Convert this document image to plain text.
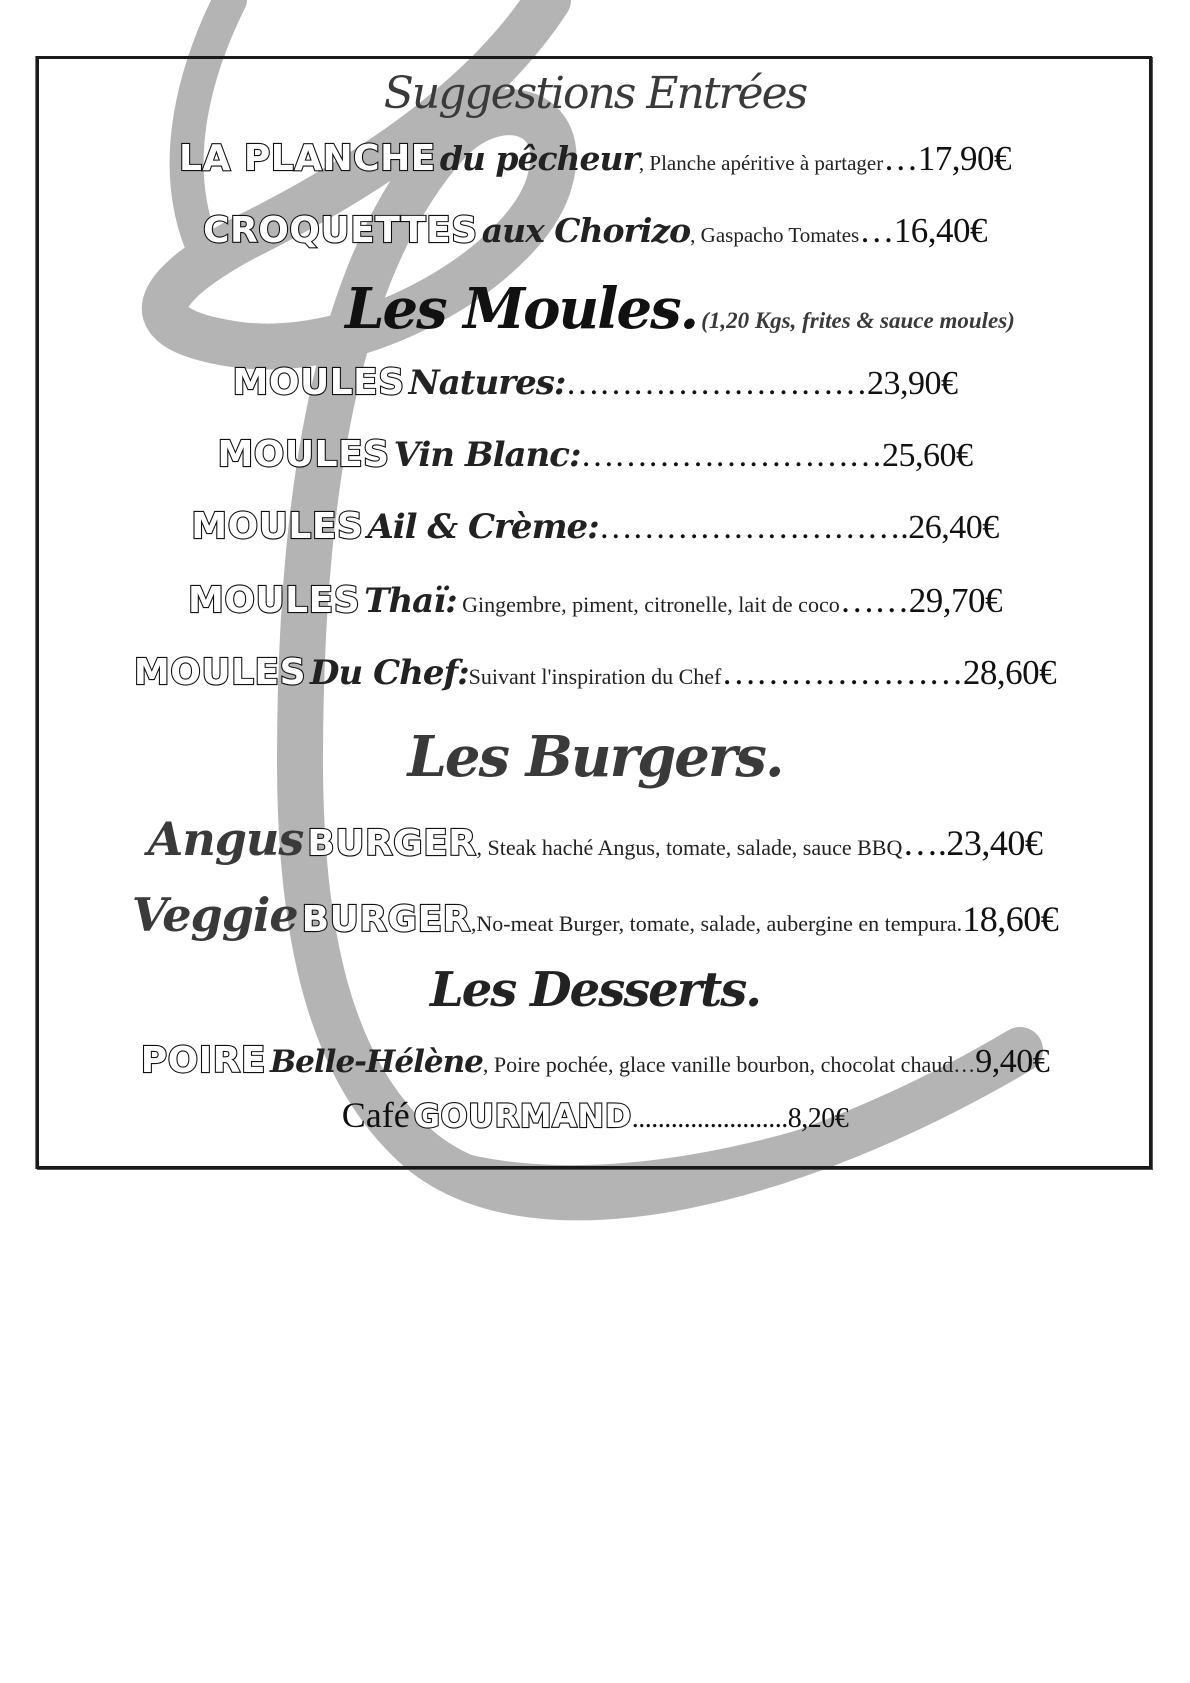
Suggestions Entrées
LA PLANCHE du pêcheur, Planche apéritive à partager…17,90€
CROQUETTES aux Chorizo, Gaspacho Tomates…16,40€
Les Moules. (1,20 Kgs, frites & sauce moules)
MOULES Natures:………………………23,90€
MOULES Vin Blanc:………………………25,60€
MOULES Ail & Crème:……………………….26,40€
MOULES Thaï: Gingembre, piment, citronelle, lait de coco……29,70€
MOULES Du Chef:Suivant l'inspiration du Chef…………………28,60€
Les Burgers.
Angus BURGER, Steak haché Angus, tomate, salade, sauce BBQ….23,40€
Veggie BURGER,No-meat Burger, tomate, salade, aubergine en tempura.18,60€
Les Desserts.
POIRE Belle-Hélène, Poire pochée, glace vanille bourbon, chocolat chaud…9,40€
Café GOURMAND........................8,20€
